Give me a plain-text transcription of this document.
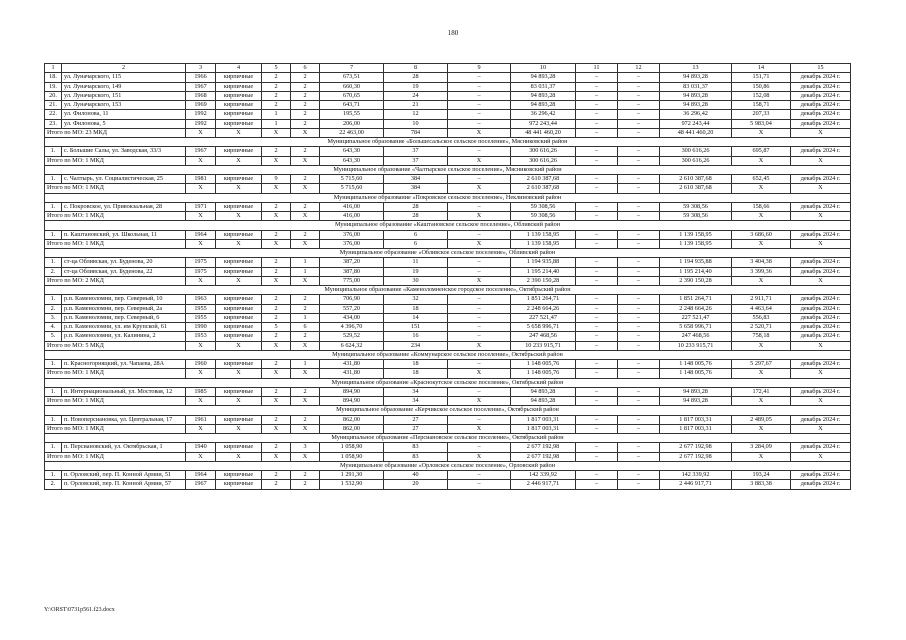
180
1	2	3	4	5	6	7	8	9	10	11	12	13	14	15
18.	ул. Луначарского, 115	1966	кирпичные	2	2	673,51	28	–	94 893,28	–	–	94 893,28	151,71	декабрь 2024 г.
19.	ул. Луначарского, 149	1967	кирпичные	2	2	660,30	19	–	83 031,37	–	–	83 031,37	150,86	декабрь 2024 г.
20.	ул. Луначарского, 151	1968	кирпичные	2	2	670,65	24	–	94 893,28	–	–	94 893,28	152,08	декабрь 2024 г.
21.	ул. Луначарского, 153	1969	кирпичные	2	2	643,71	21	–	94 893,28	–	–	94 893,28	158,71	декабрь 2024 г.
22.	ул. Филонова, 11	1992	кирпичные	1	2	195,55	12	–	36 296,42	–	–	36 296,42	207,33	декабрь 2024 г.
23.	ул. Филонова, 5	1992	кирпичные	1	2	206,00	10	–	972 243,44	–	–	972 243,44	5 983,04	декабрь 2024 г.
Итого по МО: 23 МКД		Х	Х	Х	Х	22 463,00	784	Х	48 441 460,20	–	–	48 441 460,20	Х	Х
Муниципальное образование «Большесальское сельское поселение», Мясниковский район														
1.	с. Большие Салы, ул. Заводская, 33/3	1967	кирпичные	2	2	643,30	37	–	300 616,26	–	–	300 616,26	695,87	декабрь 2024 г.
Итого по МО: 1 МКД		Х	Х	Х	Х	643,30	37	Х	300 616,26	–	–	300 616,26	Х	Х
Муниципальное образование «Чалтырское сельское поселение», Мясниковский район														
1.	с. Чалтырь, ул. Социалистическая, 25	1981	кирпичные	9	2	5 715,60	384	–	2 610 387,68	–	–	2 610 387,68	652,45	декабрь 2024 г.
Итого по МО: 1 МКД		Х	Х	Х	Х	5 715,60	384	Х	2 610 387,68	–	–	2 610 387,68	Х	Х
Муниципальное образование «Покровское сельское поселение», Неклиновский район														
1.	с. Покровское, ул. Привокзальная, 28	1971	кирпичные	2	2	416,00	28	–	59 308,56	–	–	59 308,56	158,66	декабрь 2024 г.
Итого по МО: 1 МКД		Х	Х	Х	Х	416,00	28	Х	59 308,56	–	–	59 308,56	Х	Х
Муниципальное образование «Каштановское сельское поселение», Обливский район														
1.	п. Каштановский, ул. Школьная, 11	1964	кирпичные	2	2	376,00	6	–	1 139 158,95	–	–	1 139 158,95	3 686,60	декабрь 2024 г.
Итого по МО: 1 МКД		Х	Х	Х	Х	376,00	6	Х	1 139 158,95	–	–	1 139 158,95	Х	Х
Муниципальное образование «Обливское сельское поселение», Обливский район														
1.	ст-ца Обливская, ул. Буденова, 20	1975	кирпичные	2	1	387,20	11	–	1 194 935,88	–	–	1 194 935,88	3 404,38	декабрь 2024 г.
2.	ст-ца Обливская, ул. Буденова, 22	1975	кирпичные	2	1	387,80	19	–	1 195 214,40	–	–	1 195 214,40	3 399,36	декабрь 2024 г.
Итого по МО: 2 МКД		Х	Х	Х	Х	775,00	30	Х	2 390 150,28	–	–	2 390 150,28	Х	Х
Муниципальное образование «Каменоломненское городское поселение», Октябрьский район														
1.	р.п. Каменоломни, пер. Северный, 10	1963	кирпичные	2	2	706,90	32	–	1 851 264,71	–	–	1 851 264,71	2 911,71	декабрь 2024 г.
2.	р.п. Каменоломни, пер. Северный, 2а	1955	кирпичные	2	2	557,20	18	–	2 248 664,26	–	–	2 248 664,26	4 463,64	декабрь 2024 г.
3.	р.п. Каменоломни, пер. Северный, 6	1955	кирпичные	2	1	434,00	14	–	227 521,47	–	–	227 521,47	556,83	декабрь 2024 г.
4.	р.п. Каменоломни, ул. им Крупской, 61	1990	кирпичные	5	6	4 396,70	151	–	5 658 996,71	–	–	5 658 996,71	2 520,71	декабрь 2024 г.
5.	р.п. Каменоломни, ул. Калинина, 2	1953	кирпичные	2	2	529,52	16	–	247 468,56	–	–	247 468,56	758,18	декабрь 2024 г.
Итого по МО: 5 МКД		Х	Х	Х	Х	6 624,32	234	Х	10 233 915,71	–	–	10 233 915,71	Х	Х
Муниципальное образование «Коммунарское сельское поселение», Октябрьский район														
1.	п. Красногорняцкий, ул. Чапаева, 28А	1960	кирпичные	2	1	431,80	18	–	1 148 005,76	–	–	1 148 005,76	5 297,67	декабрь 2024 г.
Итого по МО: 1 МКД		Х	Х	Х	Х	431,80	18	Х	1 148 005,76	–	–	1 148 005,76	Х	Х
Муниципальное образование «Краснокутское сельское поселение», Октябрьский район														
1.	п. Интернациональный, ул. Мостовая, 12	1985	кирпичные	2	2	894,90	34	–	94 893,28	–	–	94 893,28	172,41	декабрь 2024 г.
Итого по МО: 1 МКД		Х	Х	Х	Х	894,90	34	Х	94 893,28	–	–	94 893,28	Х	Х
Муниципальное образование «Керчикское сельское поселение», Октябрьский район														
1.	п. Новоперсиановка, ул. Центральная, 17	1961	кирпичные	2	2	862,00	27	–	1 817 003,31	–	–	1 817 003,31	2 489,05	декабрь 2024 г.
Итого по МО: 1 МКД		Х	Х	Х	Х	862,00	27	Х	1 817 003,31	–	–	1 817 003,31	Х	Х
Муниципальное образование «Персиановское сельское поселение», Октябрьский район														
1.	п. Персиановский, ул. Октябрьская, 1	1940	кирпичные	2	3	1 058,90	83	–	2 677 192,98	–	–	2 677 192,98	3 284,09	декабрь 2024 г.
Итого по МО: 1 МКД		Х	Х	Х	Х	1 058,90	83	Х	2 677 192,98	–	–	2 677 192,98	Х	Х
Муниципальное образование «Орловское сельское поселение», Орловский район														
1.	п. Орловский, пер. П. Конной Армии, 51	1964	кирпичные	2	2	1 291,30	40	–	142 339,92	–	–	142 339,92	193,24	декабрь 2024 г.
2.	п. Орловский, пер. П. Конной Армии, 57	1967	кирпичные	2	2	1 532,90	20	–	2 446 917,71	–	–	2 446 917,71	3 883,38	декабрь 2024 г.
Y:\ORST\0731p561.f23.docx
